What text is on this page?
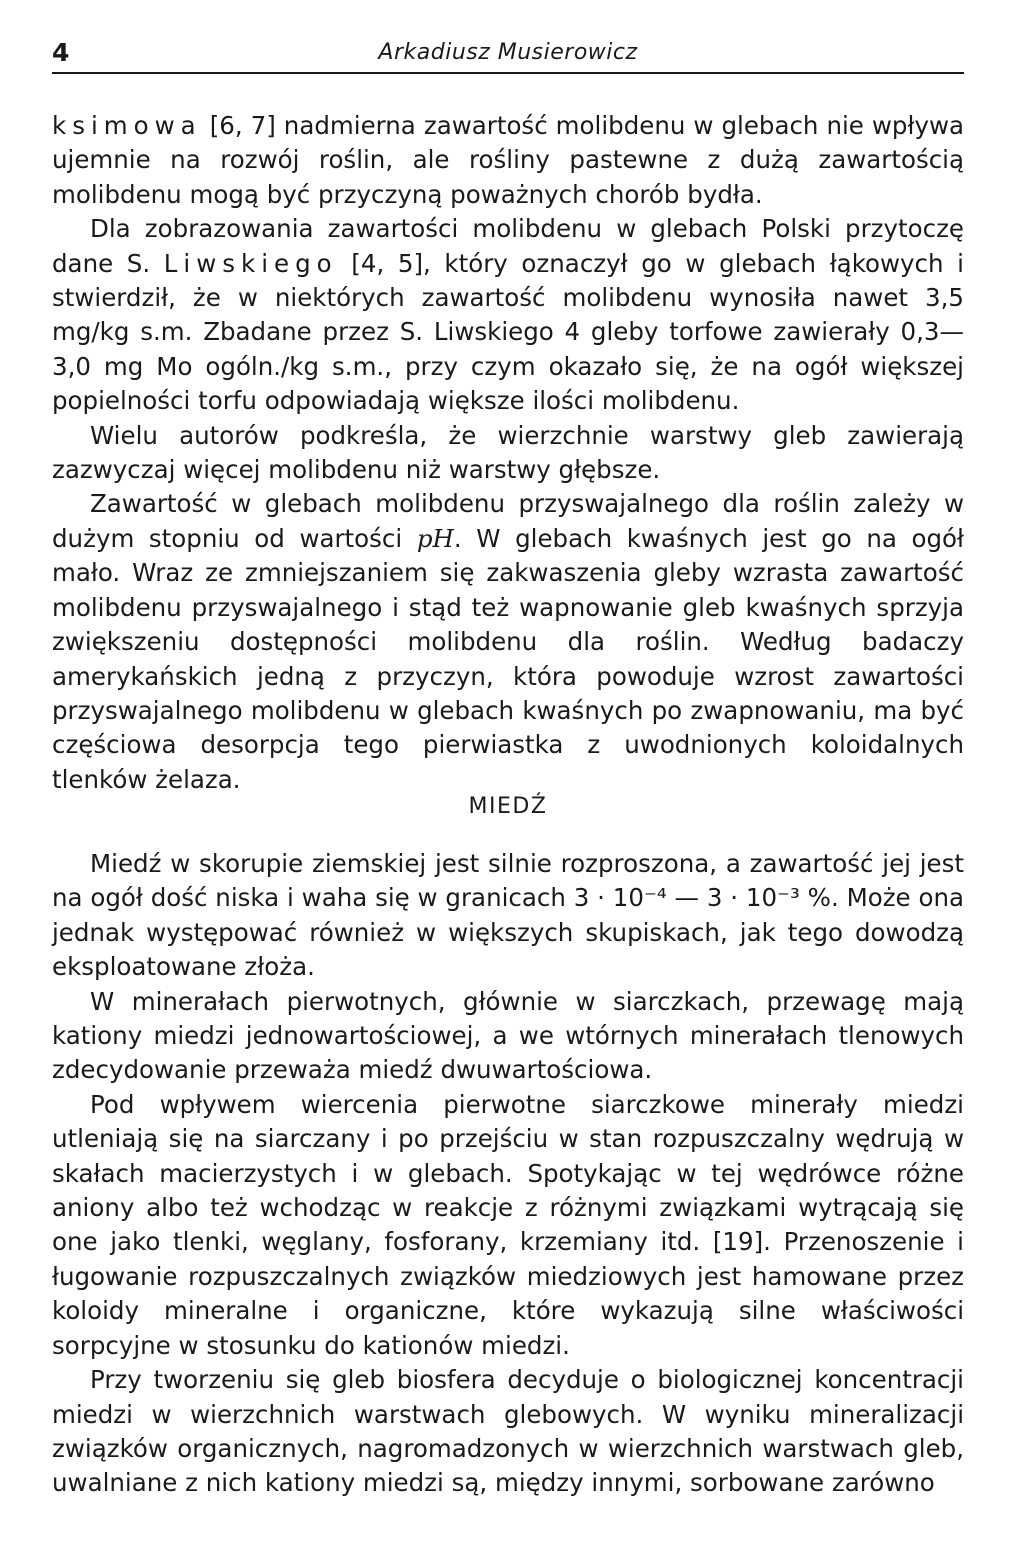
4	Arkadiusz Musierowicz

ksimowa [6, 7] nadmierna zawartość molibdenu w glebach nie wpływa ujemnie na rozwój roślin, ale rośliny pastewne z dużą zawartością molibdenu mogą być przyczyną poważnych chorób bydła.

Dla zobrazowania zawartości molibdenu w glebach Polski przytoczę dane S. Liwskiego [4, 5], który oznaczył go w glebach łąkowych i stwierdził, że w niektórych zawartość molibdenu wynosiła nawet 3,5 mg/kg s.m. Zbadane przez S. Liwskiego 4 gleby torfowe zawierały 0,3—3,0 mg Mo ogóln./kg s.m., przy czym okazało się, że na ogół większej popielności torfu odpowiadają większe ilości molibdenu.

Wielu autorów podkreśla, że wierzchnie warstwy gleb zawierają zazwyczaj więcej molibdenu niż warstwy głębsze.

Zawartość w glebach molibdenu przyswajalnego dla roślin zależy w dużym stopniu od wartości pH. W glebach kwaśnych jest go na ogół mało. Wraz ze zmniejszaniem się zakwaszenia gleby wzrasta zawartość molibdenu przyswajalnego i stąd też wapnowanie gleb kwaśnych sprzyja zwiększeniu dostępności molibdenu dla roślin. Według badaczy amerykańskich jedną z przyczyn, która powoduje wzrost zawartości przyswajalnego molibdenu w glebach kwaśnych po zwapnowaniu, ma być częściowa desorpcja tego pierwiastka z uwodnionych koloidalnych tlenków żelaza.

MIEDŹ

Miedź w skorupie ziemskiej jest silnie rozproszona, a zawartość jej jest na ogół dość niska i waha się w granicach 3 · 10⁻⁴ — 3 · 10⁻³ %. Może ona jednak występować również w większych skupiskach, jak tego dowodzą eksploatowane złoża.

W minerałach pierwotnych, głównie w siarczkach, przewagę mają kationy miedzi jednowartościowej, a we wtórnych minerałach tlenowych zdecydowanie przeważa miedź dwuwartościowa.

Pod wpływem wiercenia pierwotne siarczkowe minerały miedzi utleniają się na siarczany i po przejściu w stan rozpuszczalny wędrują w skałach macierzystych i w glebach. Spotykając w tej wędrówce różne aniony albo też wchodząc w reakcje z różnymi związkami wytrącają się one jako tlenki, węglany, fosforany, krzemiany itd. [19]. Przenoszenie i ługowanie rozpuszczalnych związków miedziowych jest hamowane przez koloidy mineralne i organiczne, które wykazują silne właściwości sorpcyjne w stosunku do kationów miedzi.

Przy tworzeniu się gleb biosfera decyduje o biologicznej koncentracji miedzi w wierzchnich warstwach glebowych. W wyniku mineralizacji związków organicznych, nagromadzonych w wierzchnich warstwach gleb, uwalniane z nich kationy miedzi są, między innymi, sorbowane zarówno
